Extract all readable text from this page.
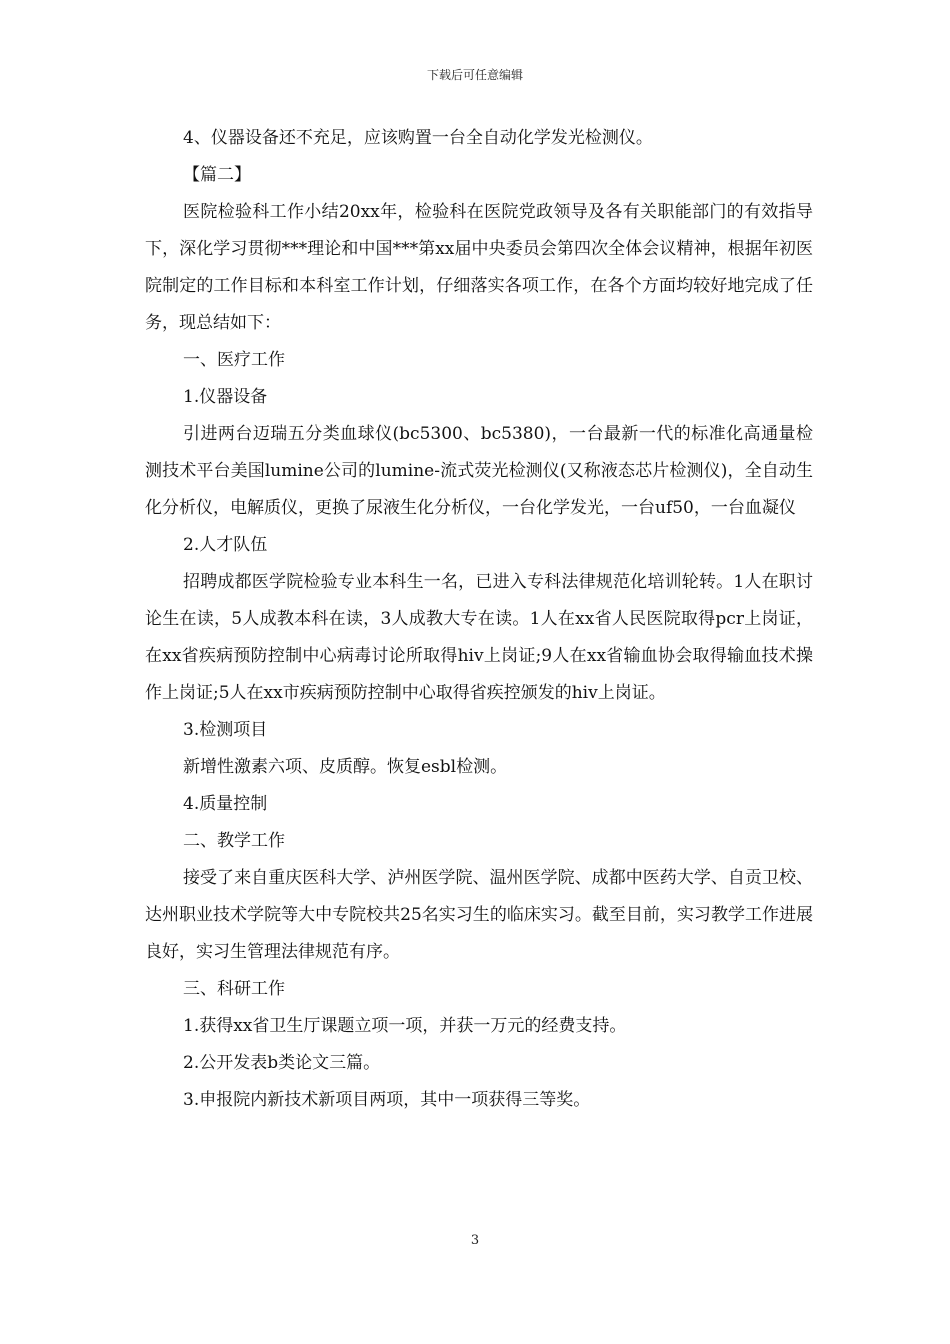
下载后可任意编辑

4、仪器设备还不充足，应该购置一台全自动化学发光检测仪。

【篇二】

医院检验科工作小结20xx年，检验科在医院党政领导及各有关职能部门的有效指导下，深化学习贯彻***理论和中国***第xx届中央委员会第四次全体会议精神，根据年初医院制定的工作目标和本科室工作计划，仔细落实各项工作，在各个方面均较好地完成了任务，现总结如下：

一、医疗工作

1.仪器设备

引进两台迈瑞五分类血球仪(bc5300、bc5380)，一台最新一代的标准化高通量检测技术平台美国lumine公司的lumine-流式荧光检测仪(又称液态芯片检测仪)，全自动生化分析仪，电解质仪，更换了尿液生化分析仪，一台化学发光，一台uf50，一台血凝仪

2.人才队伍

招聘成都医学院检验专业本科生一名，已进入专科法律规范化培训轮转。1人在职讨论生在读，5人成教本科在读，3人成教大专在读。1人在xx省人民医院取得pcr上岗证，在xx省疾病预防控制中心病毒讨论所取得hiv上岗证;9人在xx省输血协会取得输血技术操作上岗证;5人在xx市疾病预防控制中心取得省疾控颁发的hiv上岗证。

3.检测项目

新增性激素六项、皮质醇。恢复esbl检测。

4.质量控制

二、教学工作

接受了来自重庆医科大学、泸州医学院、温州医学院、成都中医药大学、自贡卫校、达州职业技术学院等大中专院校共25名实习生的临床实习。截至目前，实习教学工作进展良好，实习生管理法律规范有序。

三、科研工作

1.获得xx省卫生厅课题立项一项，并获一万元的经费支持。

2.公开发表b类论文三篇。

3.申报院内新技术新项目两项，其中一项获得三等奖。

3
